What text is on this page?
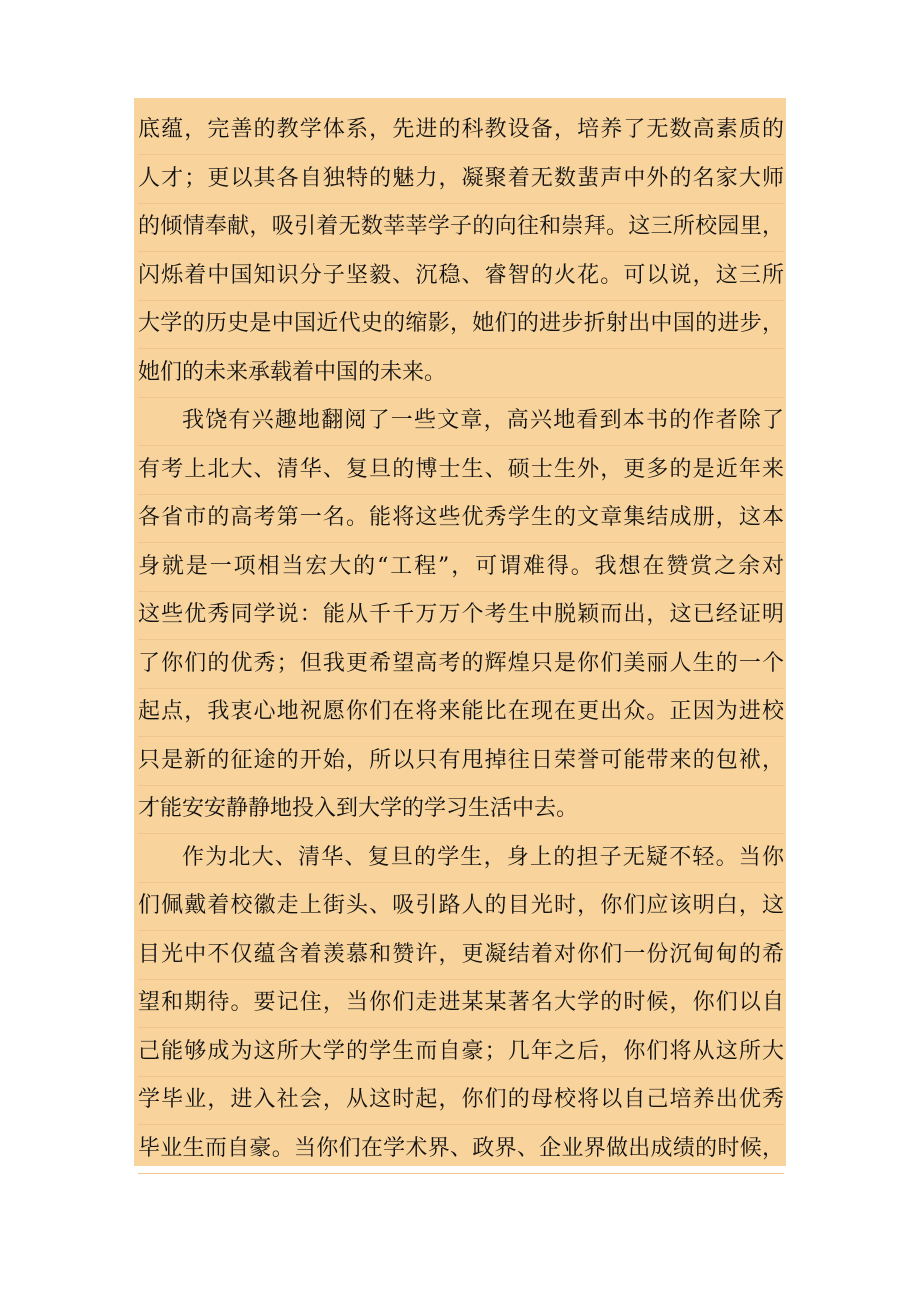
底蕴，完善的教学体系，先进的科教设备，培养了无数高素质的
人才；更以其各自独特的魅力，凝聚着无数蜚声中外的名家大师
的倾情奉献，吸引着无数莘莘学子的向往和崇拜。这三所校园里，
闪烁着中国知识分子坚毅、沉稳、睿智的火花。可以说，这三所
大学的历史是中国近代史的缩影，她们的进步折射出中国的进步，
她们的未来承载着中国的未来。
我饶有兴趣地翻阅了一些文章，高兴地看到本书的作者除了
有考上北大、清华、复旦的博士生、硕士生外，更多的是近年来
各省市的高考第一名。能将这些优秀学生的文章集结成册，这本
身就是一项相当宏大的“工程”，可谓难得。我想在赞赏之余对
这些优秀同学说：能从千千万万个考生中脱颖而出，这已经证明
了你们的优秀；但我更希望高考的辉煌只是你们美丽人生的一个
起点，我衷心地祝愿你们在将来能比在现在更出众。正因为进校
只是新的征途的开始，所以只有甩掉往日荣誉可能带来的包袱，
才能安安静静地投入到大学的学习生活中去。
作为北大、清华、复旦的学生，身上的担子无疑不轻。当你
们佩戴着校徽走上街头、吸引路人的目光时，你们应该明白，这
目光中不仅蕴含着羡慕和赞许，更凝结着对你们一份沉甸甸的希
望和期待。要记住，当你们走进某某著名大学的时候，你们以自
己能够成为这所大学的学生而自豪；几年之后，你们将从这所大
学毕业，进入社会，从这时起，你们的母校将以自己培养出优秀
毕业生而自豪。当你们在学术界、政界、企业界做出成绩的时候，
